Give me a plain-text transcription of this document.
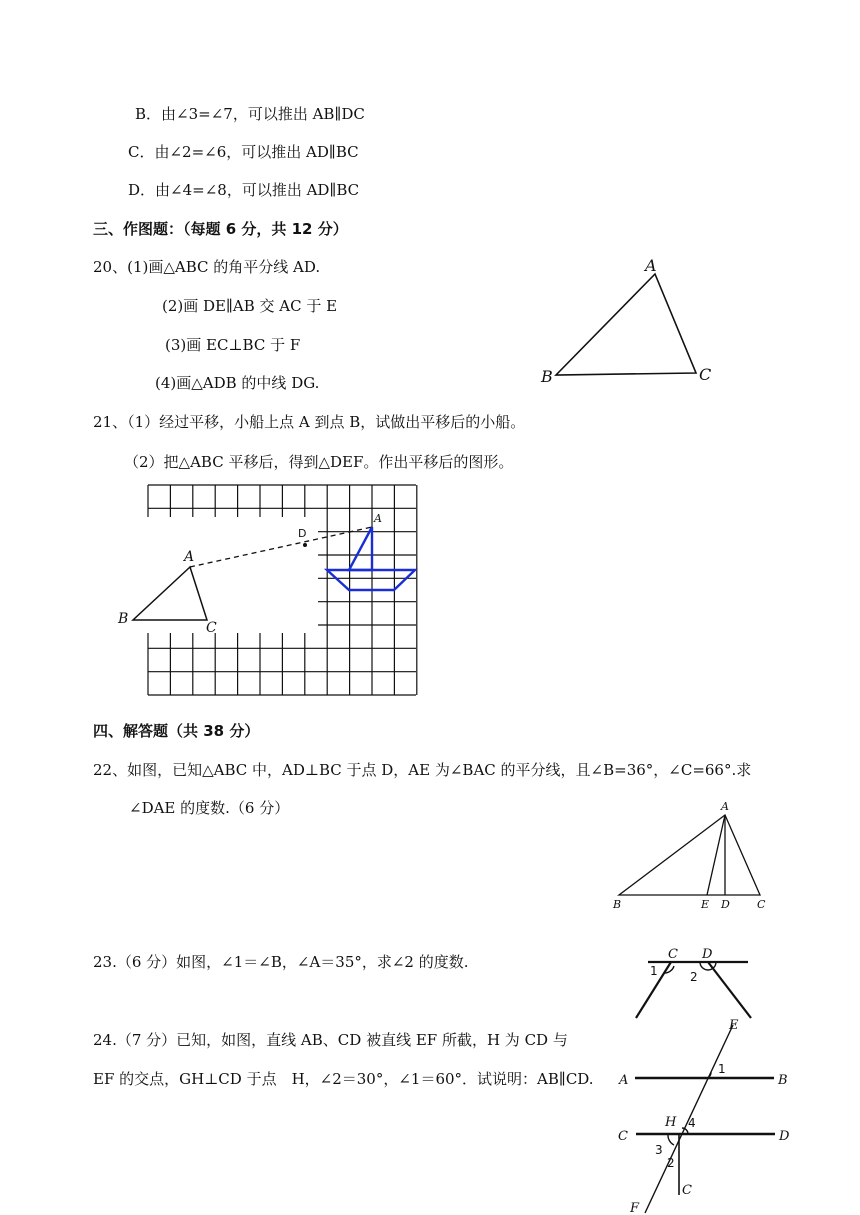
B．由∠3=∠7，可以推出 AB∥DC
C．由∠2=∠6，可以推出 AD∥BC
D．由∠4=∠8，可以推出 AD∥BC
三、作图题：（每题 6 分，共 12 分）
20、(1)画△ABC 的角平分线 AD.
(2)画 DE∥AB 交 AC 于 E
(3)画 EC⊥BC 于 F
(4)画△ADB 的中线 DG.
21、（1）经过平移，小船上点 A 到点 B，试做出平移后的小船。
（2）把△ABC 平移后，得到△DEF。作出平移后的图形。
四、解答题（共 38 分）
22、如图，已知△ABC 中，AD⊥BC 于点 D，AE 为∠BAC 的平分线，且∠B=36°，∠C=66°.求
∠DAE 的度数.（6 分）
23.（6 分）如图，∠1＝∠B，∠A＝35°，求∠2 的度数.
24.（7 分）已知，如图，直线 AB、CD 被直线 EF 所截，H 为 CD 与
EF 的交点，GH⊥CD 于点　H，∠2＝30°，∠1＝60°．试说明：AB∥CD.
A
B	C
A
D
A
B
C
A
B	E D C
C D
1	2
E
A	B
1
H 4
C	D
3
2
C
F
